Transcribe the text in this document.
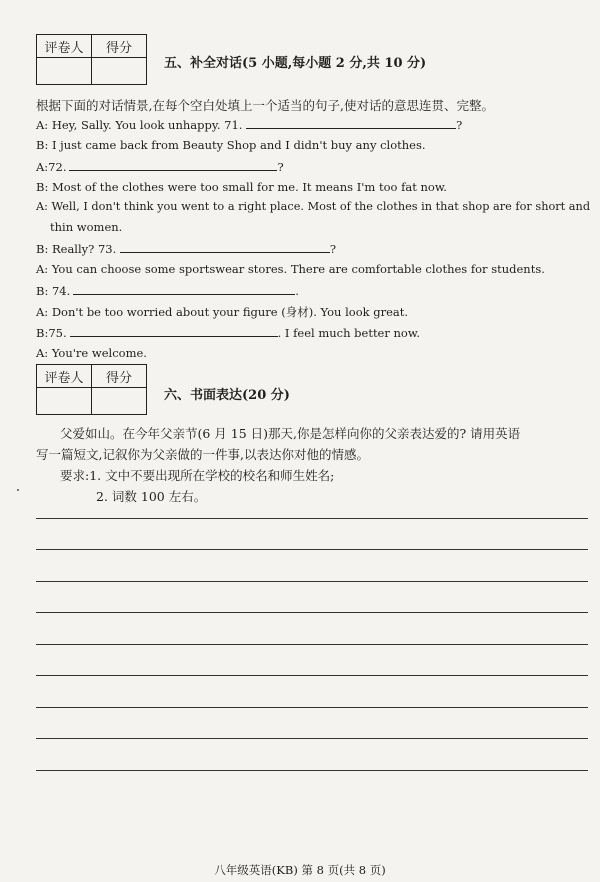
评卷人	得分

五、补全对话(5 小题,每小题 2 分,共 10 分)
根据下面的对话情景,在每个空白处填上一个适当的句子,使对话的意思连贯、完整。
A: Hey, Sally. You look unhappy. 71.	?
B: I just came back from Beauty Shop and I didn't buy any clothes.
A:72.	?
B: Most of the clothes were too small for me. It means I'm too fat now.
A: Well, I don't think you went to a right place. Most of the clothes in that shop are for short and
thin women.
B: Really? 73.	?
A: You can choose some sportswear stores. There are comfortable clothes for students.
B: 74.	.
A: Don't be too worried about your figure (身材). You look great.
B:75.	. I feel much better now.
A: You're welcome.
评卷人	得分

六、书面表达(20 分)
父爱如山。在今年父亲节(6 月 15 日)那天,你是怎样向你的父亲表达爱的? 请用英语
写一篇短文,记叙你为父亲做的一件事,以表达你对他的情感。
要求:1. 文中不要出现所在学校的校名和师生姓名;
2. 词数 100 左右。
八年级英语(KB) 第 8 页(共 8 页)
